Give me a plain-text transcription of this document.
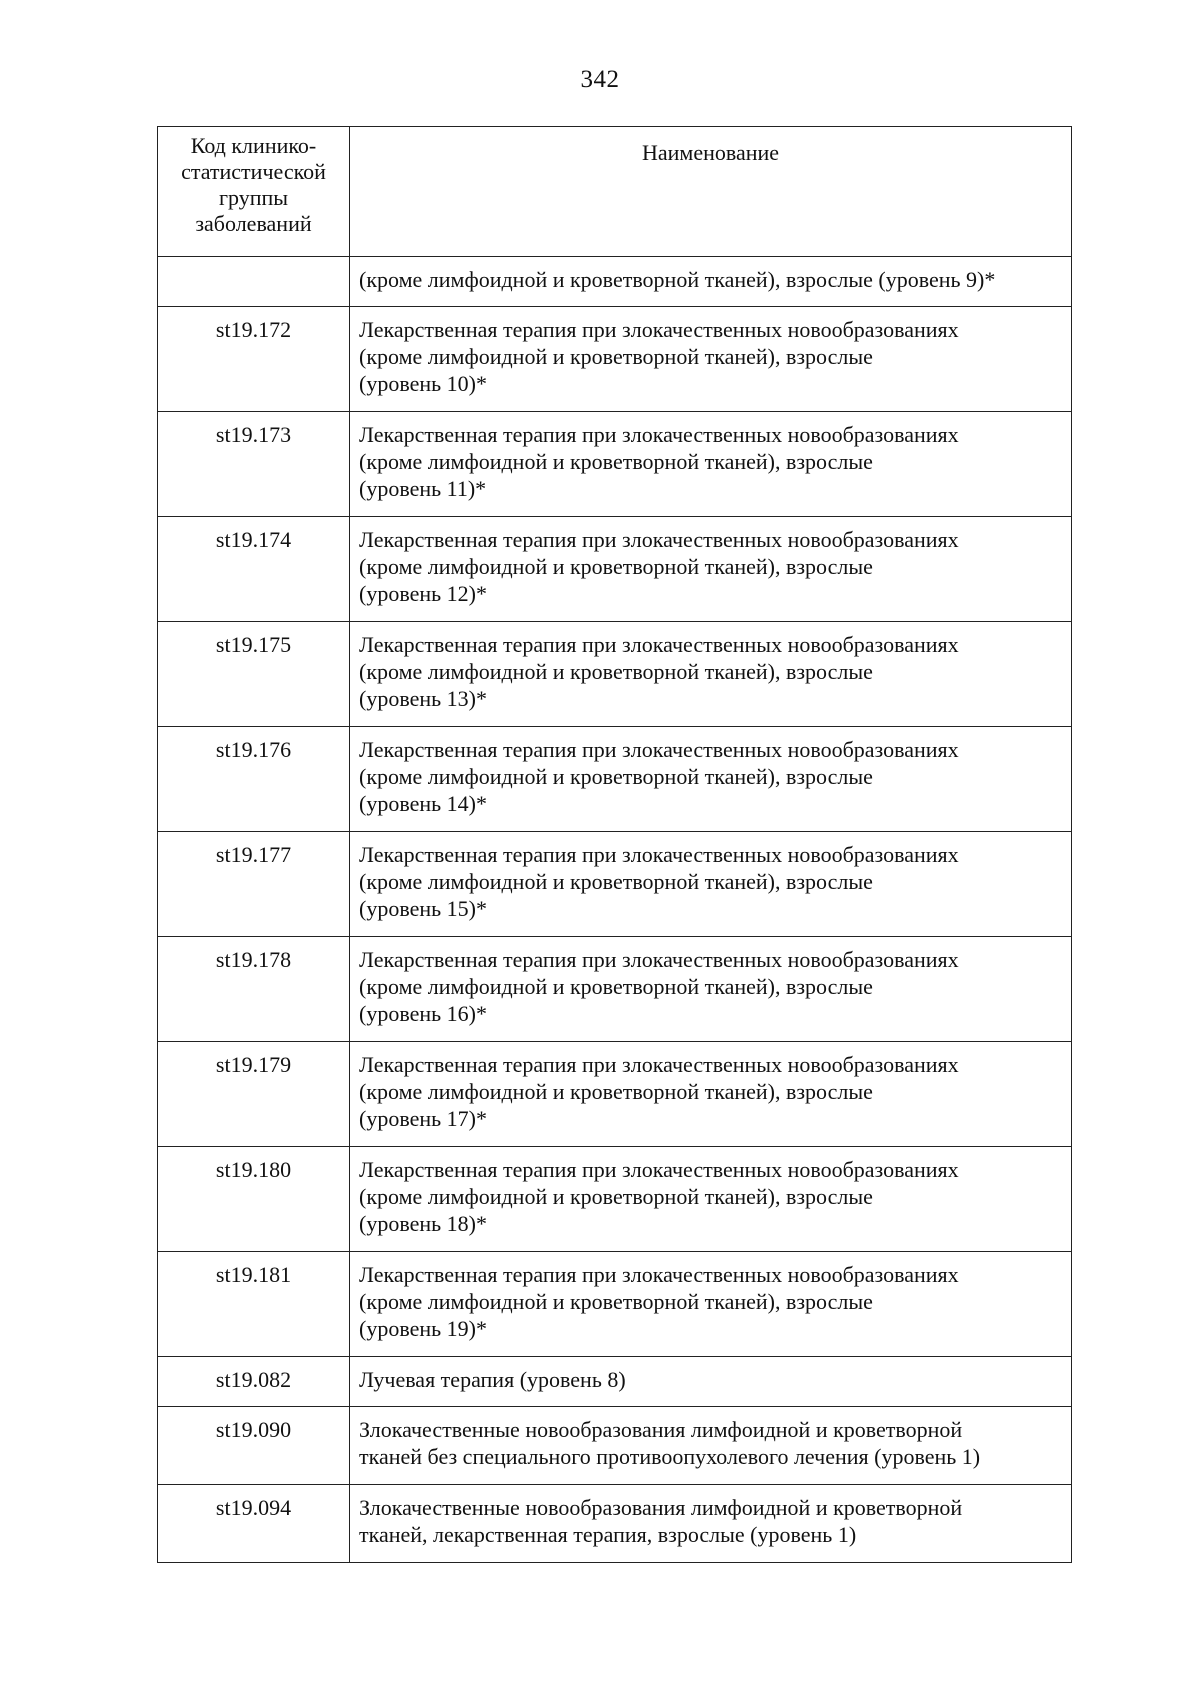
342
Код клинико-
статистической
группы
заболеваний	Наименование

	(кроме лимфоидной и кроветворной тканей), взрослые (уровень 9)*

st19.172	Лекарственная терапия при злокачественных новообразованиях
(кроме лимфоидной и кроветворной тканей), взрослые
(уровень 10)*

st19.173	Лекарственная терапия при злокачественных новообразованиях
(кроме лимфоидной и кроветворной тканей), взрослые
(уровень 11)*

st19.174	Лекарственная терапия при злокачественных новообразованиях
(кроме лимфоидной и кроветворной тканей), взрослые
(уровень 12)*

st19.175	Лекарственная терапия при злокачественных новообразованиях
(кроме лимфоидной и кроветворной тканей), взрослые
(уровень 13)*

st19.176	Лекарственная терапия при злокачественных новообразованиях
(кроме лимфоидной и кроветворной тканей), взрослые
(уровень 14)*

st19.177	Лекарственная терапия при злокачественных новообразованиях
(кроме лимфоидной и кроветворной тканей), взрослые
(уровень 15)*

st19.178	Лекарственная терапия при злокачественных новообразованиях
(кроме лимфоидной и кроветворной тканей), взрослые
(уровень 16)*

st19.179	Лекарственная терапия при злокачественных новообразованиях
(кроме лимфоидной и кроветворной тканей), взрослые
(уровень 17)*

st19.180	Лекарственная терапия при злокачественных новообразованиях
(кроме лимфоидной и кроветворной тканей), взрослые
(уровень 18)*

st19.181	Лекарственная терапия при злокачественных новообразованиях
(кроме лимфоидной и кроветворной тканей), взрослые
(уровень 19)*

st19.082	Лучевая терапия (уровень 8)

st19.090	Злокачественные новообразования лимфоидной и кроветворной
тканей без специального противоопухолевого лечения (уровень 1)

st19.094	Злокачественные новообразования лимфоидной и кроветворной
тканей, лекарственная терапия, взрослые (уровень 1)
